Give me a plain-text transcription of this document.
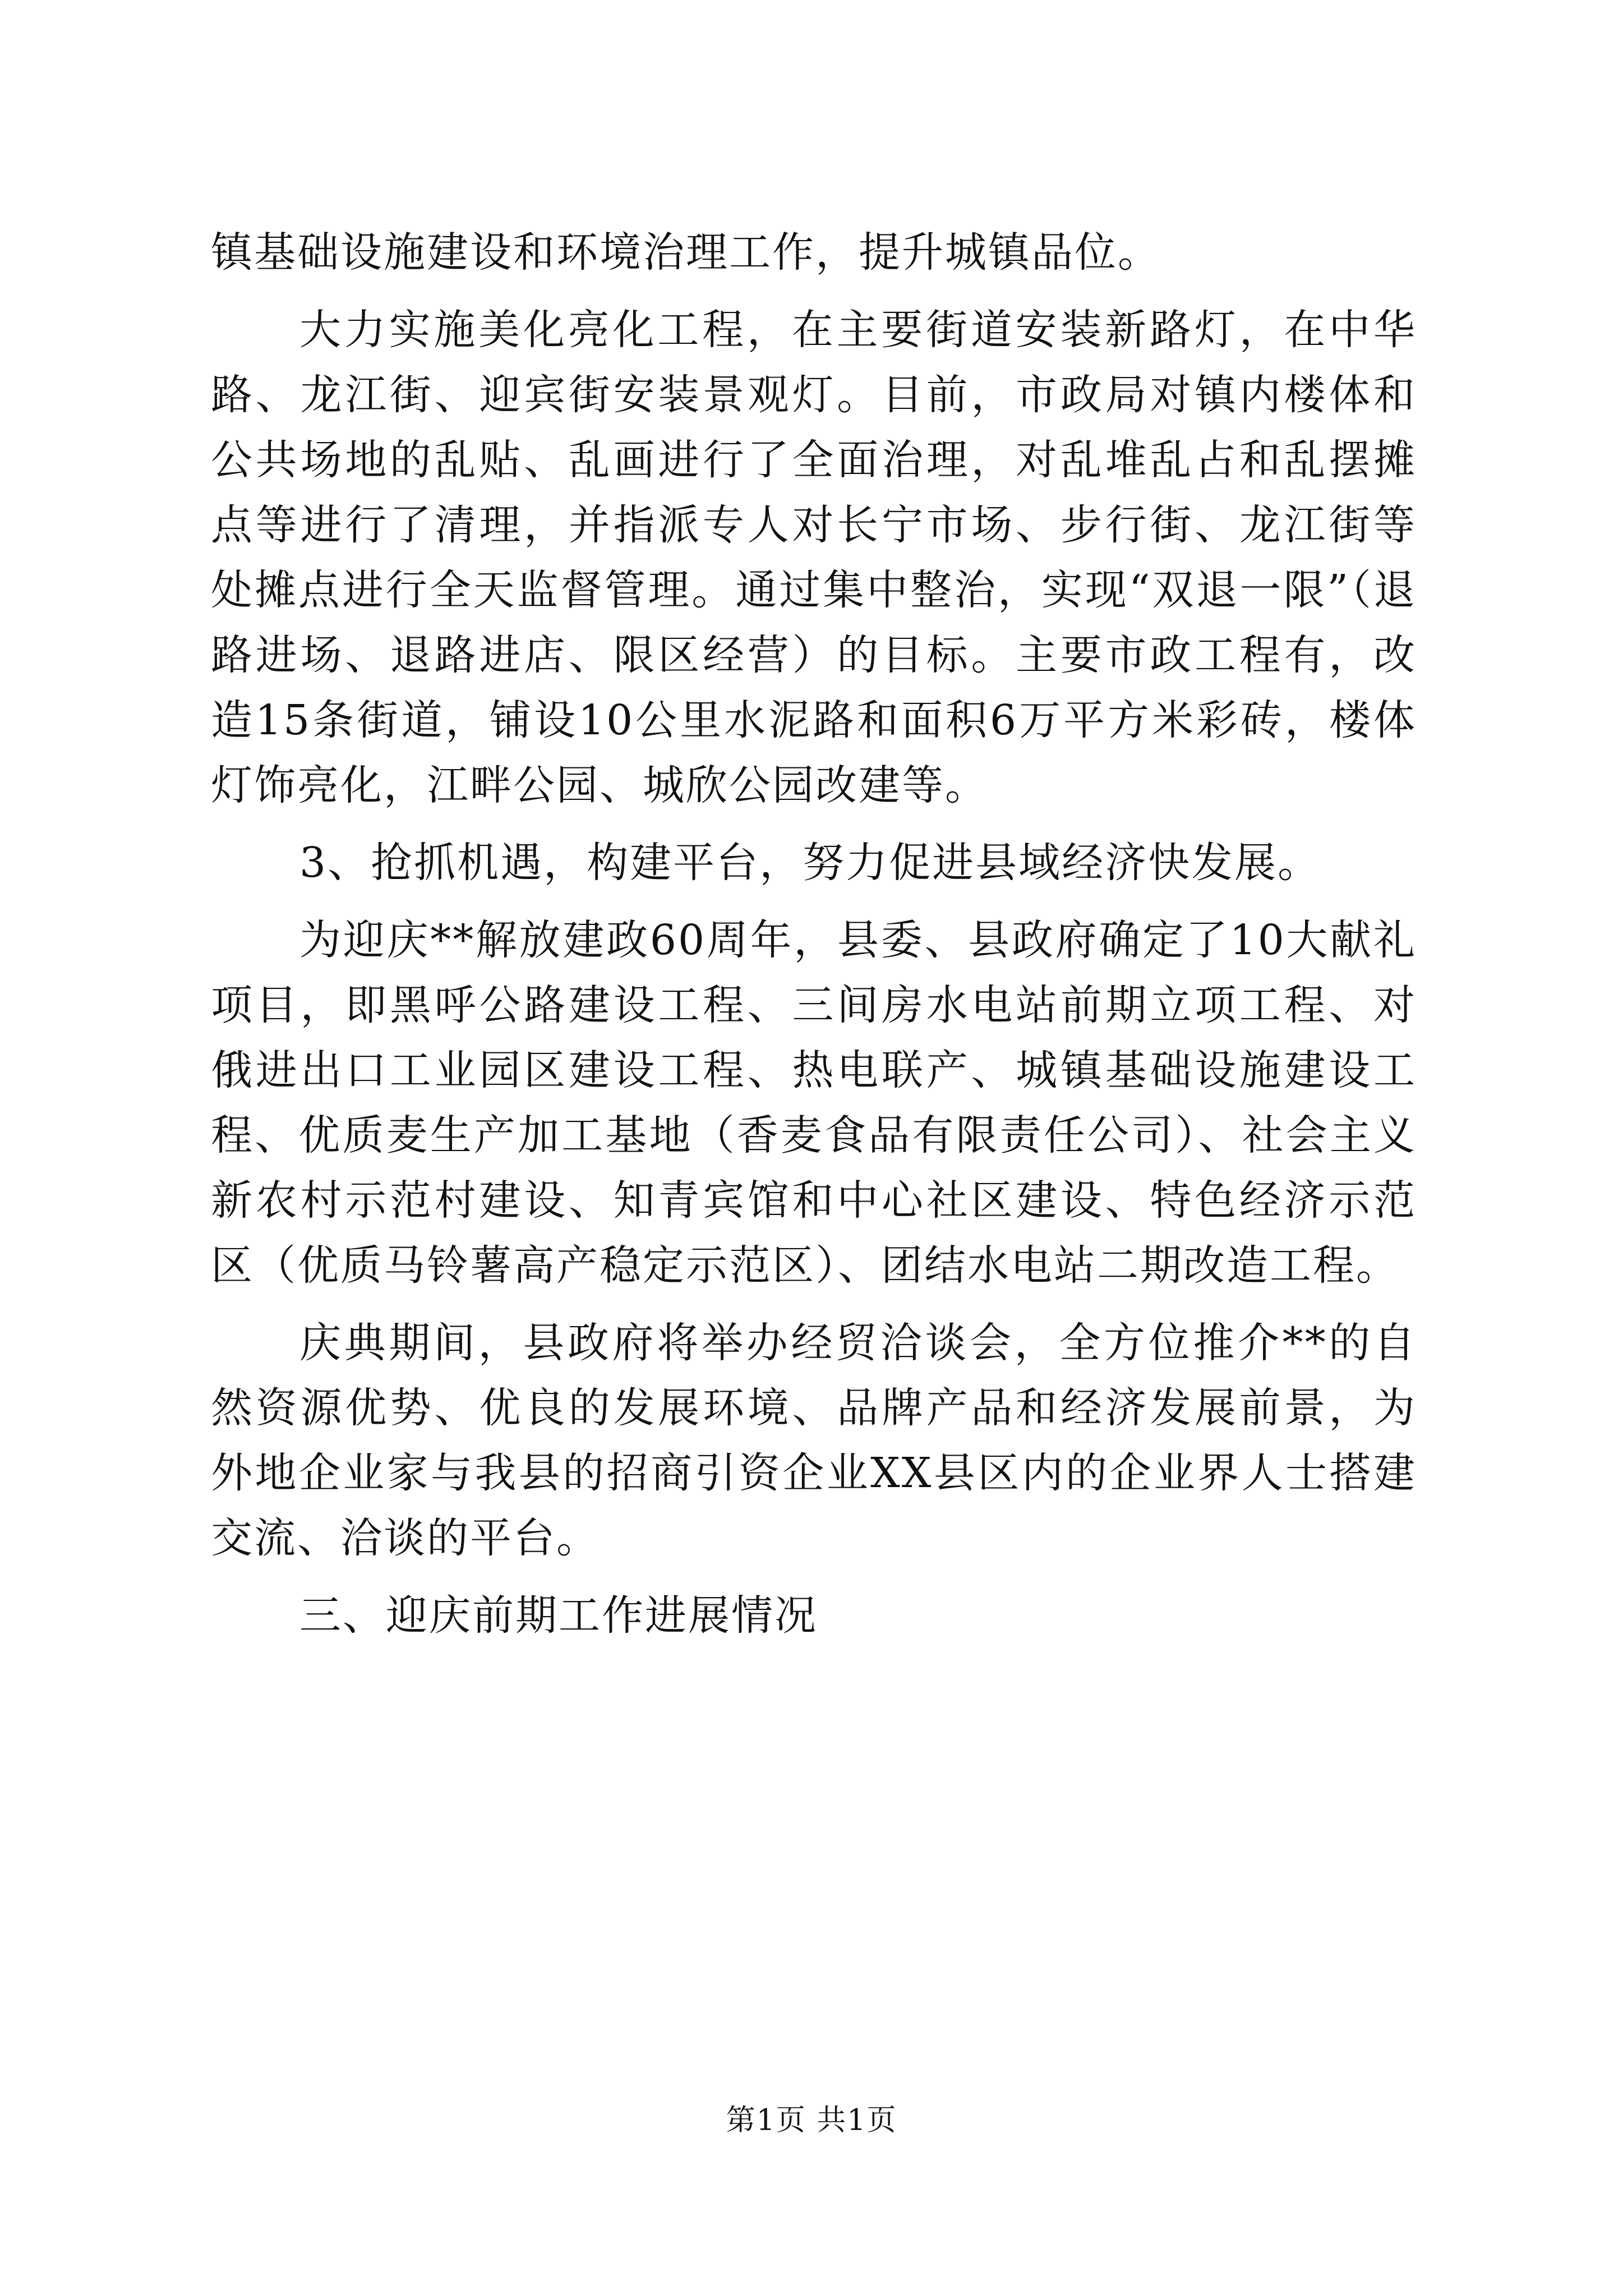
镇基础设施建设和环境治理工作，提升城镇品位。

大力实施美化亮化工程，在主要街道安装新路灯，在中华路、龙江街、迎宾街安装景观灯。目前，市政局对镇内楼体和公共场地的乱贴、乱画进行了全面治理，对乱堆乱占和乱摆摊点等进行了清理，并指派专人对长宁市场、步行街、龙江街等处摊点进行全天监督管理。通过集中整治，实现“双退一限”（退路进场、退路进店、限区经营）的目标。主要市政工程有，改造15条街道，铺设10公里水泥路和面积6万平方米彩砖，楼体灯饰亮化，江畔公园、城欣公园改建等。

3、抢抓机遇，构建平台，努力促进县域经济快发展。

为迎庆**解放建政60周年，县委、县政府确定了10大献礼项目，即黑呼公路建设工程、三间房水电站前期立项工程、对俄进出口工业园区建设工程、热电联产、城镇基础设施建设工程、优质麦生产加工基地（香麦食品有限责任公司）、社会主义新农村示范村建设、知青宾馆和中心社区建设、特色经济示范区（优质马铃薯高产稳定示范区）、团结水电站二期改造工程。

庆典期间，县政府将举办经贸洽谈会，全方位推介**的自然资源优势、优良的发展环境、品牌产品和经济发展前景，为外地企业家与我县的招商引资企业XX县区内的企业界人士搭建交流、洽谈的平台。

三、迎庆前期工作进展情况

第1页 共1页
